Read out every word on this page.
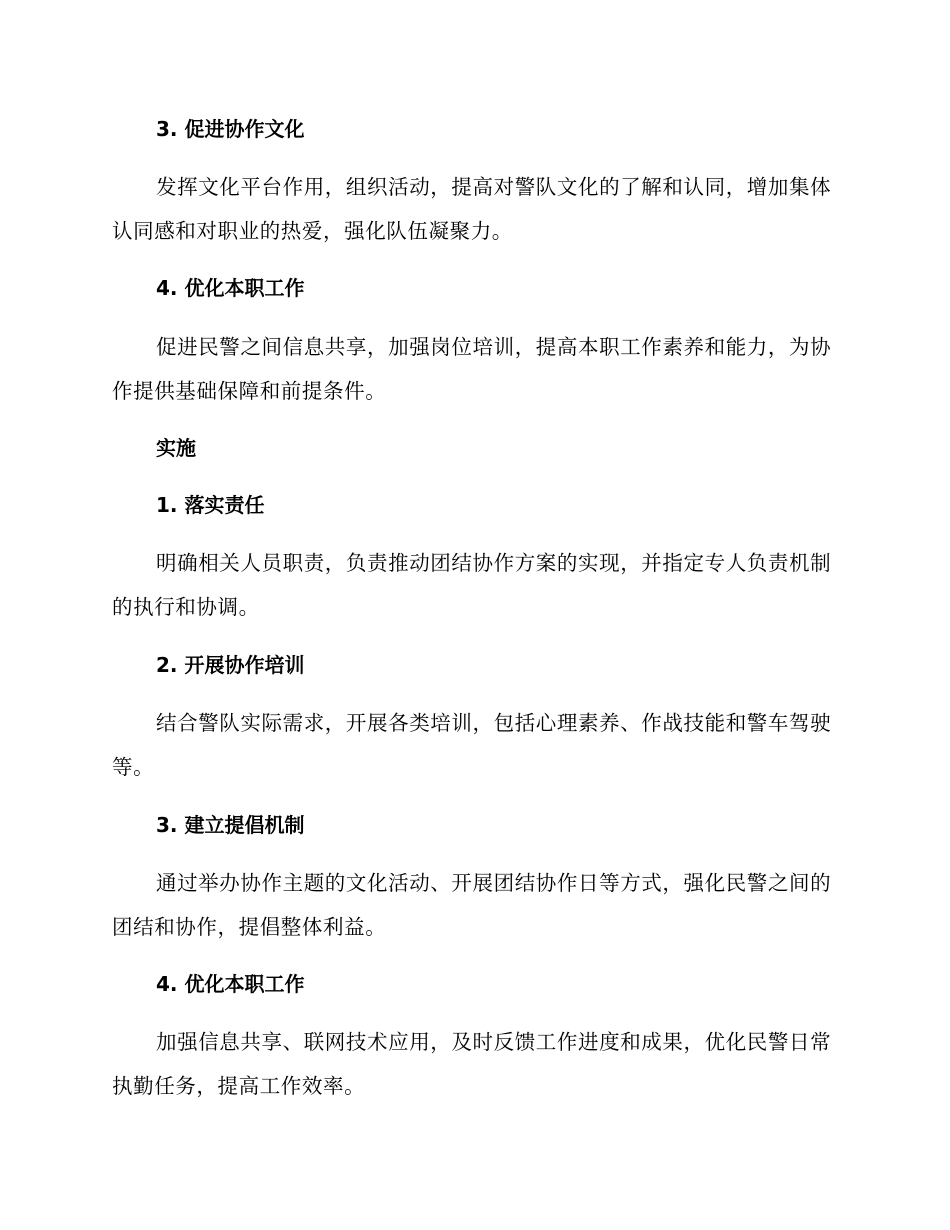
3. 促进协作文化

发挥文化平台作用，组织活动，提高对警队文化的了解和认同，增加集体认同感和对职业的热爱，强化队伍凝聚力。

4. 优化本职工作

促进民警之间信息共享，加强岗位培训，提高本职工作素养和能力，为协作提供基础保障和前提条件。

实施
1. 落实责任

明确相关人员职责，负责推动团结协作方案的实现，并指定专人负责机制的执行和协调。

2. 开展协作培训

结合警队实际需求，开展各类培训，包括心理素养、作战技能和警车驾驶等。

3. 建立提倡机制

通过举办协作主题的文化活动、开展团结协作日等方式，强化民警之间的团结和协作，提倡整体利益。

4. 优化本职工作

加强信息共享、联网技术应用，及时反馈工作进度和成果，优化民警日常执勤任务，提高工作效率。
